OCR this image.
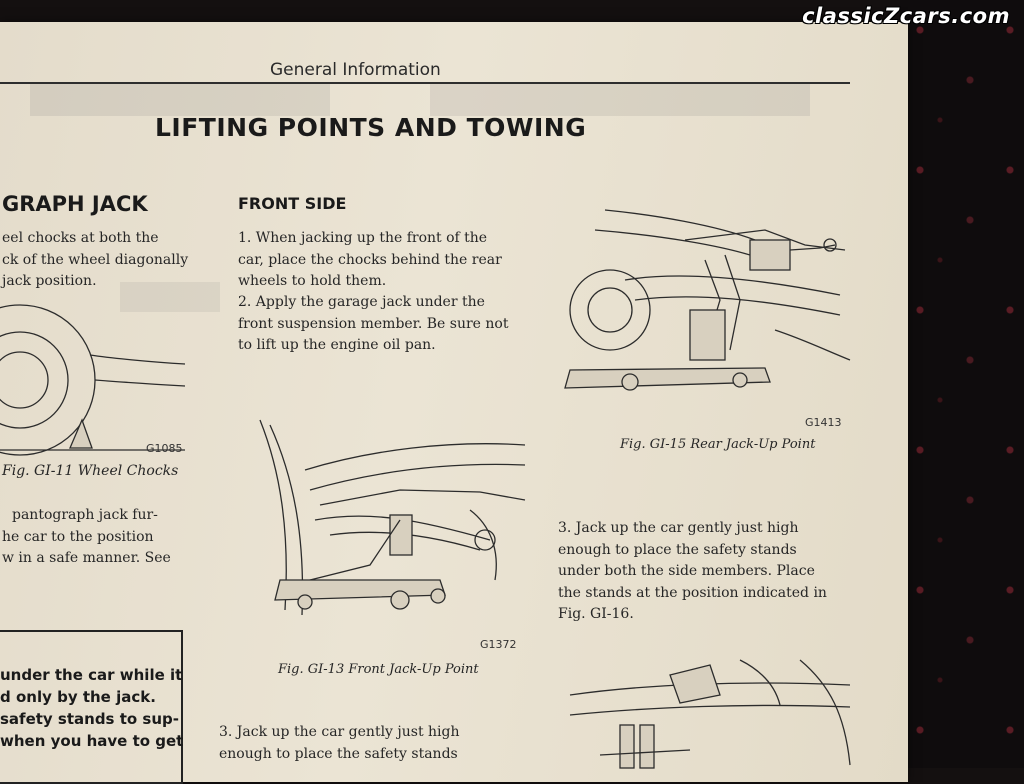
classicZcars.com
General Information
LIFTING POINTS AND TOWING
GRAPH JACK
eel chocks at both the
ck of the wheel diagonally
jack position.
G1085
Fig. GI-11 Wheel Chocks
pantograph jack fur-
he car to the position
w in a safe manner. See
under the car while it
d only by the jack.
safety stands to sup-
when you have to get
FRONT SIDE
1. When jacking up the front of the
car, place the chocks behind the rear
wheels to hold them.
2. Apply the garage jack under the
front suspension member. Be sure not
to lift up the engine oil pan.
G1372
Fig. GI-13 Front Jack-Up Point
3. Jack up the car gently just high
enough to place the safety stands
G1413
Fig. GI-15 Rear Jack-Up Point
3. Jack up the car gently just high
enough to place the safety stands
under both the side members. Place
the stands at the position indicated in
Fig. GI-16.
